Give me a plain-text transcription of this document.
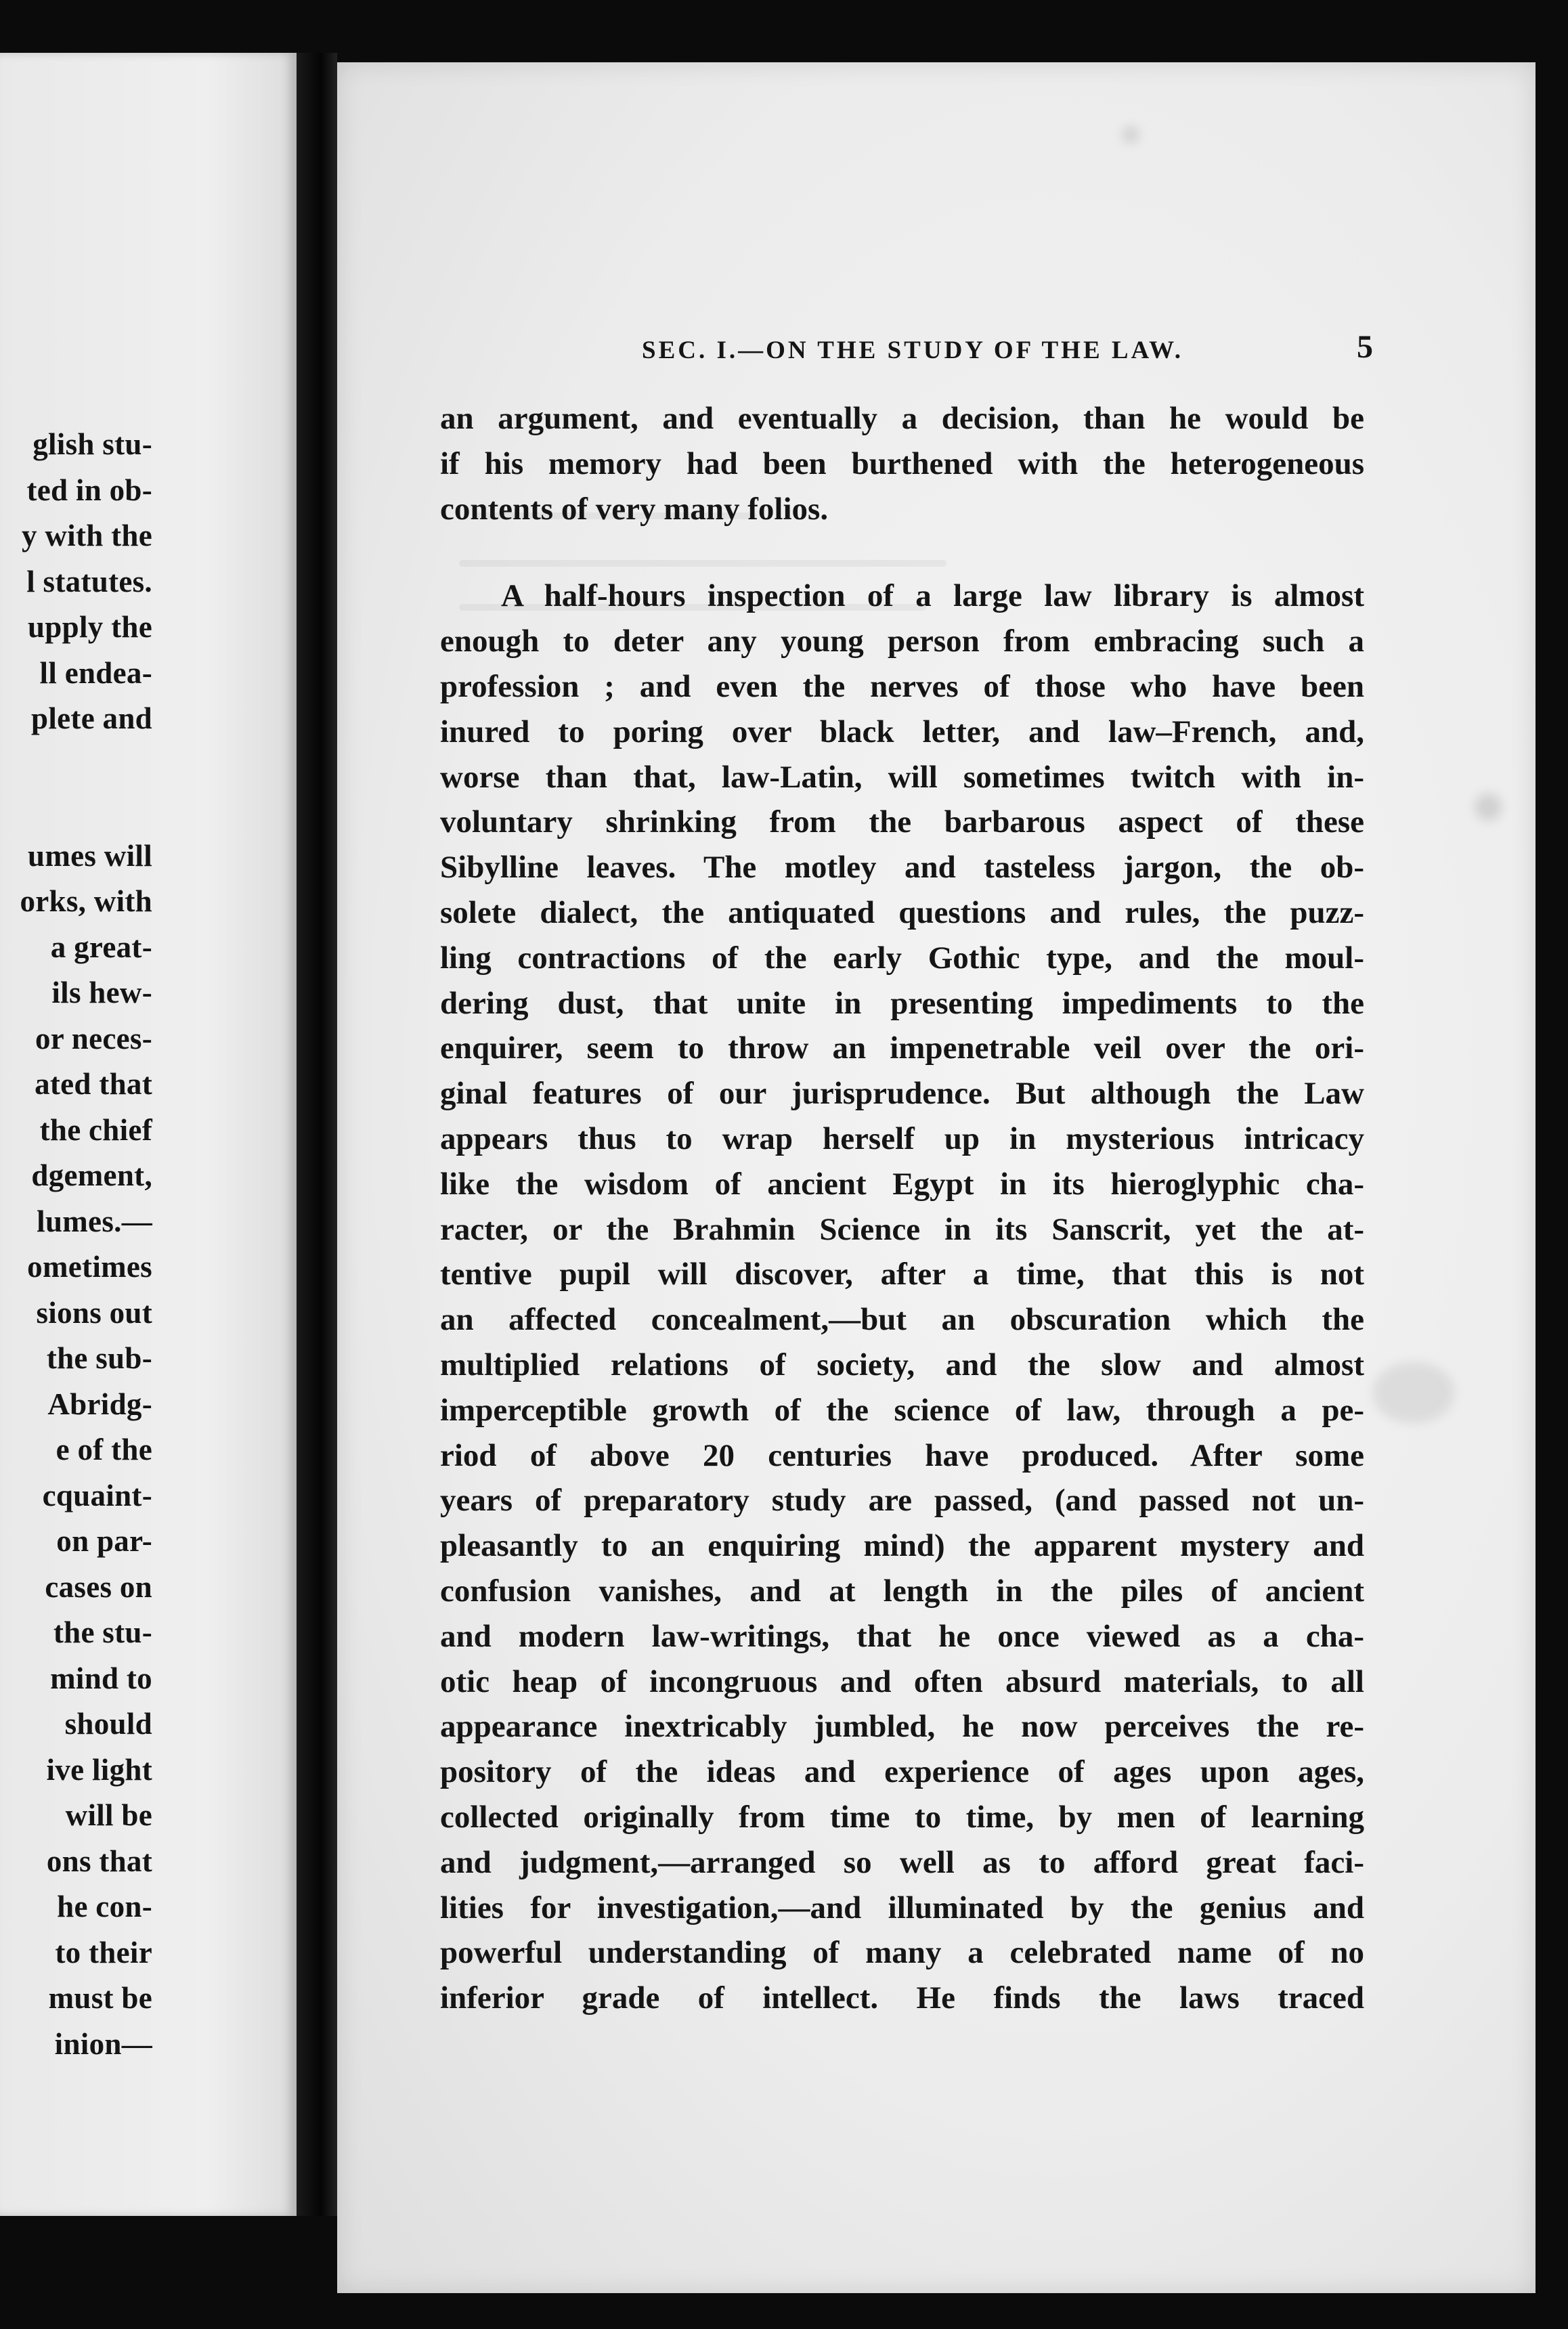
glish stu-
ted in ob-
y with the
l statutes.
upply the
ll endea-
plete and
umes will
orks, with
a great-
ils hew-
or neces-
ated that
the chief
dgement,
lumes.—
ometimes
sions out
the sub-
Abridg-
e of the
cquaint-
on par-
cases on
the stu-
mind to
should
ive light
will be
ons that
he con-
to their
must be
inion—
SEC. I.—ON THE STUDY OF THE LAW.	5
an argument, and eventually a decision, than he would be
if his memory had been burthened with the heterogeneous
contents of very many folios.
A half-hours inspection of a large law library is almost
enough to deter any young person from embracing such a
profession ; and even the nerves of those who have been
inured to poring over black letter, and law–French, and,
worse than that, law-Latin, will sometimes twitch with in-
voluntary shrinking from the barbarous aspect of these
Sibylline leaves. The motley and tasteless jargon, the ob-
solete dialect, the antiquated questions and rules, the puzz-
ling contractions of the early Gothic type, and the moul-
dering dust, that unite in presenting impediments to the
enquirer, seem to throw an impenetrable veil over the ori-
ginal features of our jurisprudence. But although the Law
appears thus to wrap herself up in mysterious intricacy
like the wisdom of ancient Egypt in its hieroglyphic cha-
racter, or the Brahmin Science in its Sanscrit, yet the at-
tentive pupil will discover, after a time, that this is not
an affected concealment,—but an obscuration which the
multiplied relations of society, and the slow and almost
imperceptible growth of the science of law, through a pe-
riod of above 20 centuries have produced. After some
years of preparatory study are passed, (and passed not un-
pleasantly to an enquiring mind) the apparent mystery and
confusion vanishes, and at length in the piles of ancient
and modern law-writings, that he once viewed as a cha-
otic heap of incongruous and often absurd materials, to all
appearance inextricably jumbled, he now perceives the re-
pository of the ideas and experience of ages upon ages,
collected originally from time to time, by men of learning
and judgment,—arranged so well as to afford great faci-
lities for investigation,—and illuminated by the genius and
powerful understanding of many a celebrated name of no
inferior grade of intellect. He finds the laws traced
